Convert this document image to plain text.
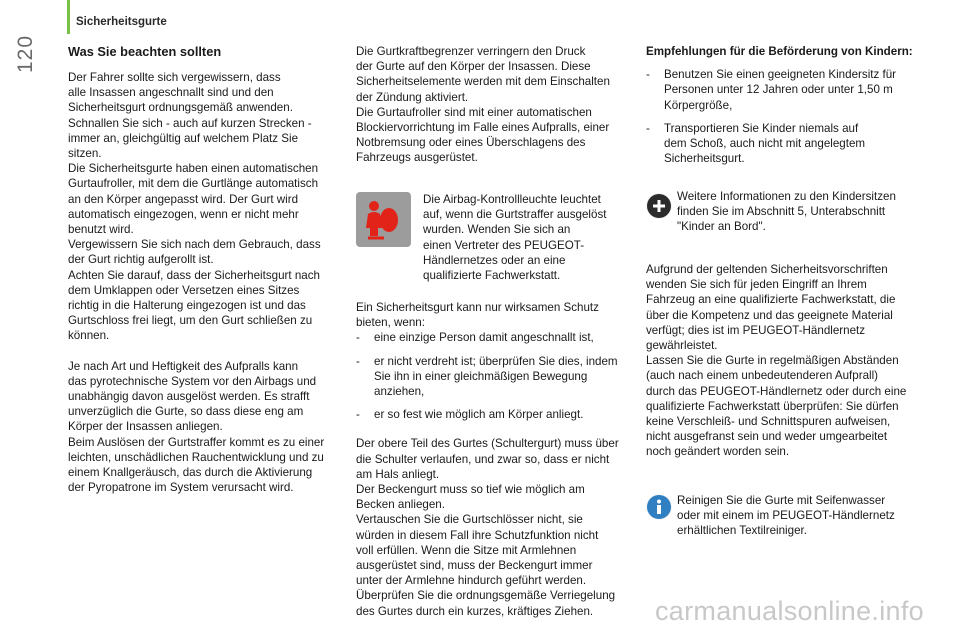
120
Sicherheitsgurte
Was Sie beachten sollten
Der Fahrer sollte sich vergewissern, dass
alle Insassen angeschnallt sind und den
Sicherheitsgurt ordnungsgemäß anwenden.
Schnallen Sie sich - auch auf kurzen Strecken -
immer an, gleichgültig auf welchem Platz Sie
sitzen.
Die Sicherheitsgurte haben einen automatischen
Gurtaufroller, mit dem die Gurtlänge automatisch
an den Körper angepasst wird. Der Gurt wird
automatisch eingezogen, wenn er nicht mehr
benutzt wird.
Vergewissern Sie sich nach dem Gebrauch, dass
der Gurt richtig aufgerollt ist.
Achten Sie darauf, dass der Sicherheitsgurt nach
dem Umklappen oder Versetzen eines Sitzes
richtig in die Halterung eingezogen ist und das
Gurtschloss frei liegt, um den Gurt schließen zu
können.
Je nach Art und Heftigkeit des Aufpralls kann
das pyrotechnische System vor den Airbags und
unabhängig davon ausgelöst werden. Es strafft
unverzüglich die Gurte, so dass diese eng am
Körper der Insassen anliegen.
Beim Auslösen der Gurtstraffer kommt es zu einer
leichten, unschädlichen Rauchentwicklung und zu
einem Knallgeräusch, das durch die Aktivierung
der Pyropatrone im System verursacht wird.
Die Gurtkraftbegrenzer verringern den Druck
der Gurte auf den Körper der Insassen. Diese
Sicherheitselemente werden mit dem Einschalten
der Zündung aktiviert.
Die Gurtaufroller sind mit einer automatischen
Blockiervorrichtung im Falle eines Aufpralls, einer
Notbremsung oder eines Überschlagens des
Fahrzeugs ausgerüstet.
Die Airbag-Kontrollleuchte leuchtet
auf, wenn die Gurtstraffer ausgelöst
wurden. Wenden Sie sich an
einen Vertreter des PEUGEOT-
Händlernetzes oder an eine
qualifizierte Fachwerkstatt.
Ein Sicherheitsgurt kann nur wirksamen Schutz
bieten, wenn:
-	eine einzige Person damit angeschnallt ist,
-	er nicht verdreht ist; überprüfen Sie dies, indem
Sie ihn in einer gleichmäßigen Bewegung
anziehen,
-	er so fest wie möglich am Körper anliegt.
Der obere Teil des Gurtes (Schultergurt) muss über
die Schulter verlaufen, und zwar so, dass er nicht
am Hals anliegt.
Der Beckengurt muss so tief wie möglich am
Becken anliegen.
Vertauschen Sie die Gurtschlösser nicht, sie
würden in diesem Fall ihre Schutzfunktion nicht
voll erfüllen. Wenn die Sitze mit Armlehnen
ausgerüstet sind, muss der Beckengurt immer
unter der Armlehne hindurch geführt werden.
Überprüfen Sie die ordnungsgemäße Verriegelung
des Gurtes durch ein kurzes, kräftiges Ziehen.

Empfehlungen für die Beförderung von Kindern:

-	Benutzen Sie einen geeigneten Kindersitz für
Personen unter 12 Jahren oder unter 1,50 m
Körpergröße,
-	Transportieren Sie Kinder niemals auf
dem Schoß, auch nicht mit angelegtem
Sicherheitsgurt.
Weitere Informationen zu den Kindersitzen
finden Sie im Abschnitt 5, Unterabschnitt
"Kinder an Bord".
Aufgrund der geltenden Sicherheitsvorschriften
wenden Sie sich für jeden Eingriff an Ihrem
Fahrzeug an eine qualifizierte Fachwerkstatt, die
über die Kompetenz und das geeignete Material
verfügt; dies ist im PEUGEOT-Händlernetz
gewährleistet.
Lassen Sie die Gurte in regelmäßigen Abständen
(auch nach einem unbedeutenderen Aufprall)
durch das PEUGEOT-Händlernetz oder durch eine
qualifizierte Fachwerkstatt überprüfen: Sie dürfen
keine Verschleiß- und Schnittspuren aufweisen,
nicht ausgefranst sein und weder umgearbeitet
noch geändert worden sein.
Reinigen Sie die Gurte mit Seifenwasser
oder mit einem im PEUGEOT-Händlernetz
erhältlichen Textilreiniger.
carmanualsonline.info
